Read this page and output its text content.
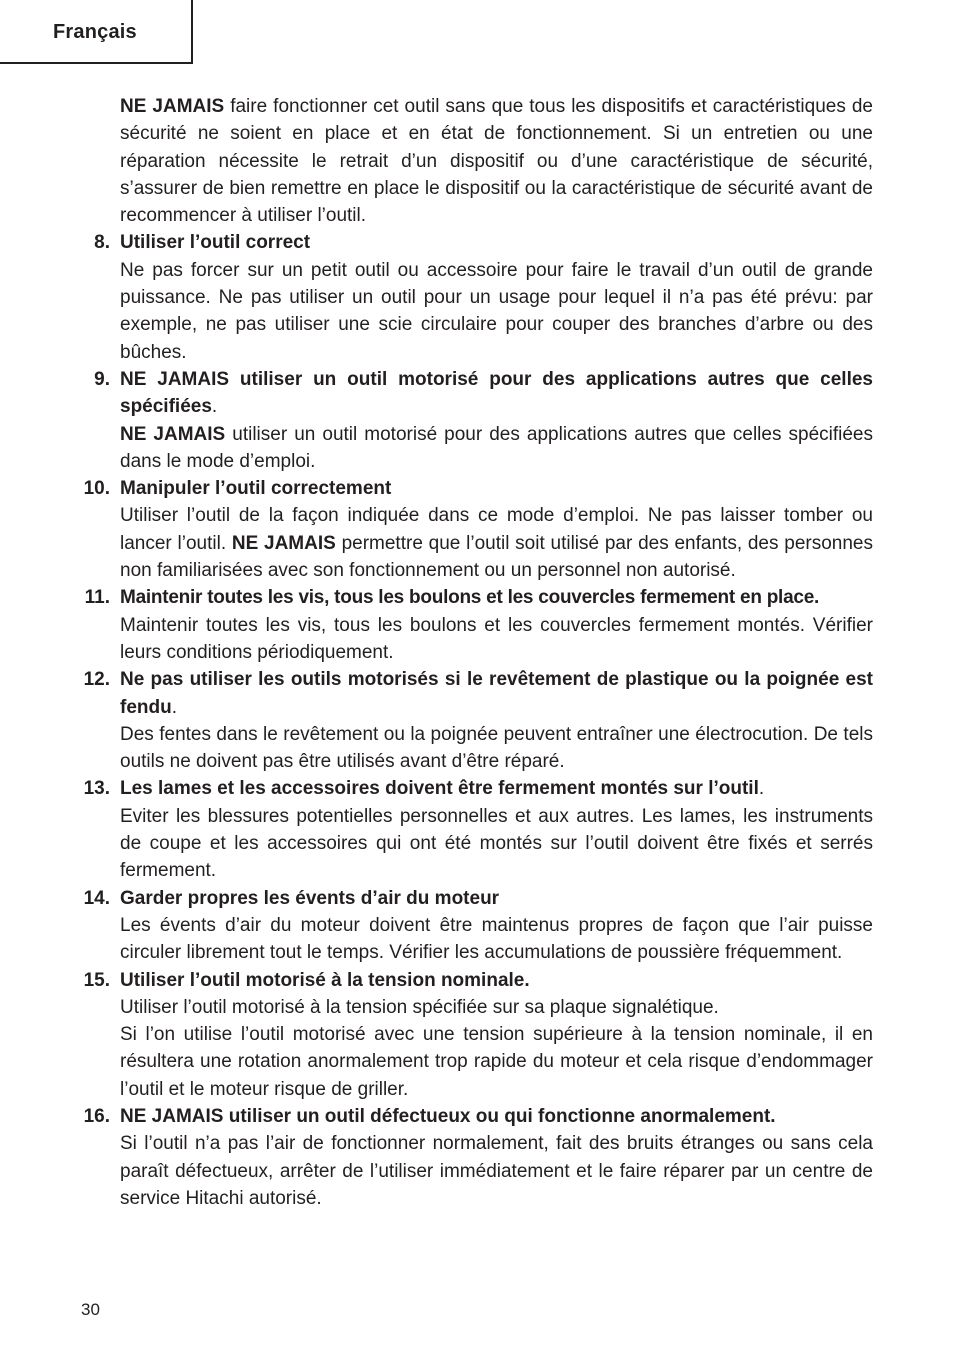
Français

NE JAMAIS faire fonctionner cet outil sans que tous les dispositifs et caractéristiques de sécurité ne soient en place et en état de fonctionnement. Si un entretien ou une réparation nécessite le retrait d’un dispositif ou d’une caractéristique de sécurité, s’assurer de bien remettre en place le dispositif ou la caractéristique de sécurité avant de recommencer à utiliser l’outil.

8. Utiliser l’outil correct
Ne pas forcer sur un petit outil ou accessoire pour faire le travail d’un outil de grande puissance. Ne pas utiliser un outil pour un usage pour lequel il n’a pas été prévu: par exemple, ne pas utiliser une scie circulaire pour couper des branches d’arbre ou des bûches.
9. NE JAMAIS utiliser un outil motorisé pour des applications autres que celles spécifiées.
NE JAMAIS utiliser un outil motorisé pour des applications autres que celles spécifiées dans le mode d’emploi.
10. Manipuler l’outil correctement
Utiliser l’outil de la façon indiquée dans ce mode d’emploi. Ne pas laisser tomber ou lancer l’outil. NE JAMAIS permettre que l’outil soit utilisé par des enfants, des personnes non familiarisées avec son fonctionnement ou un personnel non autorisé.
11. Maintenir toutes les vis, tous les boulons et les couvercles fermement en place.
Maintenir toutes les vis, tous les boulons et les couvercles fermement montés. Vérifier leurs conditions périodiquement.
12. Ne pas utiliser les outils motorisés si le revêtement de plastique ou la poignée est fendu.
Des fentes dans le revêtement ou la poignée peuvent entraîner une électrocution. De tels outils ne doivent pas être utilisés avant d’être réparé.
13. Les lames et les accessoires doivent être fermement montés sur l’outil.
Eviter les blessures potentielles personnelles et aux autres. Les lames, les instruments de coupe et les accessoires qui ont été montés sur l’outil doivent être fixés et serrés fermement.
14. Garder propres les évents d’air du moteur
Les évents d’air du moteur doivent être maintenus propres de façon que l’air puisse circuler librement tout le temps. Vérifier les accumulations de poussière fréquemment.
15. Utiliser l’outil motorisé à la tension nominale.
Utiliser l’outil motorisé à la tension spécifiée sur sa plaque signalétique.
Si l’on utilise l’outil motorisé avec une tension supérieure à la tension nominale, il en résultera une rotation anormalement trop rapide du moteur et cela risque d’endommager l’outil et le moteur risque de griller.
16. NE JAMAIS utiliser un outil défectueux ou qui fonctionne anormalement.
Si l’outil n’a pas l’air de fonctionner normalement, fait des bruits étranges ou sans cela paraît défectueux, arrêter de l’utiliser immédiatement et le faire réparer par un centre de service Hitachi autorisé.
30
